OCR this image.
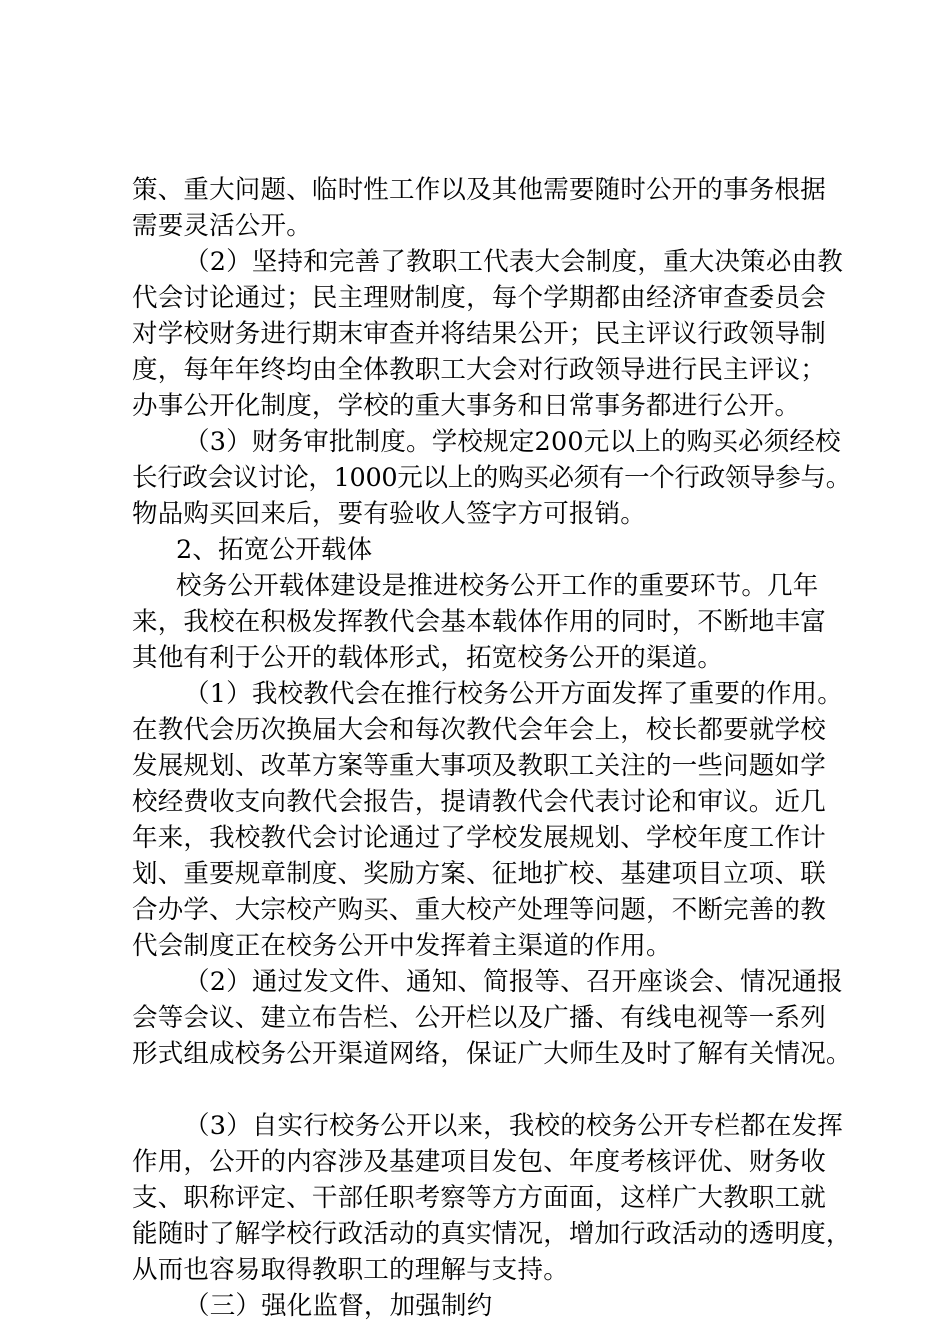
策、重大问题、临时性工作以及其他需要随时公开的事务根据
需要灵活公开。
（2）坚持和完善了教职工代表大会制度，重大决策必由教
代会讨论通过；民主理财制度，每个学期都由经济审查委员会
对学校财务进行期末审查并将结果公开；民主评议行政领导制
度，每年年终均由全体教职工大会对行政领导进行民主评议；
办事公开化制度，学校的重大事务和日常事务都进行公开。
（3）财务审批制度。学校规定200元以上的购买必须经校
长行政会议讨论，1000元以上的购买必须有一个行政领导参与。
物品购买回来后，要有验收人签字方可报销。
2、拓宽公开载体
校务公开载体建设是推进校务公开工作的重要环节。几年
来，我校在积极发挥教代会基本载体作用的同时，不断地丰富
其他有利于公开的载体形式，拓宽校务公开的渠道。
（1）我校教代会在推行校务公开方面发挥了重要的作用。
在教代会历次换届大会和每次教代会年会上，校长都要就学校
发展规划、改革方案等重大事项及教职工关注的一些问题如学
校经费收支向教代会报告，提请教代会代表讨论和审议。近几
年来，我校教代会讨论通过了学校发展规划、学校年度工作计
划、重要规章制度、奖励方案、征地扩校、基建项目立项、联
合办学、大宗校产购买、重大校产处理等问题，不断完善的教
代会制度正在校务公开中发挥着主渠道的作用。
（2）通过发文件、通知、简报等、召开座谈会、情况通报
会等会议、建立布告栏、公开栏以及广播、有线电视等一系列
形式组成校务公开渠道网络，保证广大师生及时了解有关情况。
（3）自实行校务公开以来，我校的校务公开专栏都在发挥
作用，公开的内容涉及基建项目发包、年度考核评优、财务收
支、职称评定、干部任职考察等方方面面，这样广大教职工就
能随时了解学校行政活动的真实情况，增加行政活动的透明度，
从而也容易取得教职工的理解与支持。
（三）强化监督，加强制约
